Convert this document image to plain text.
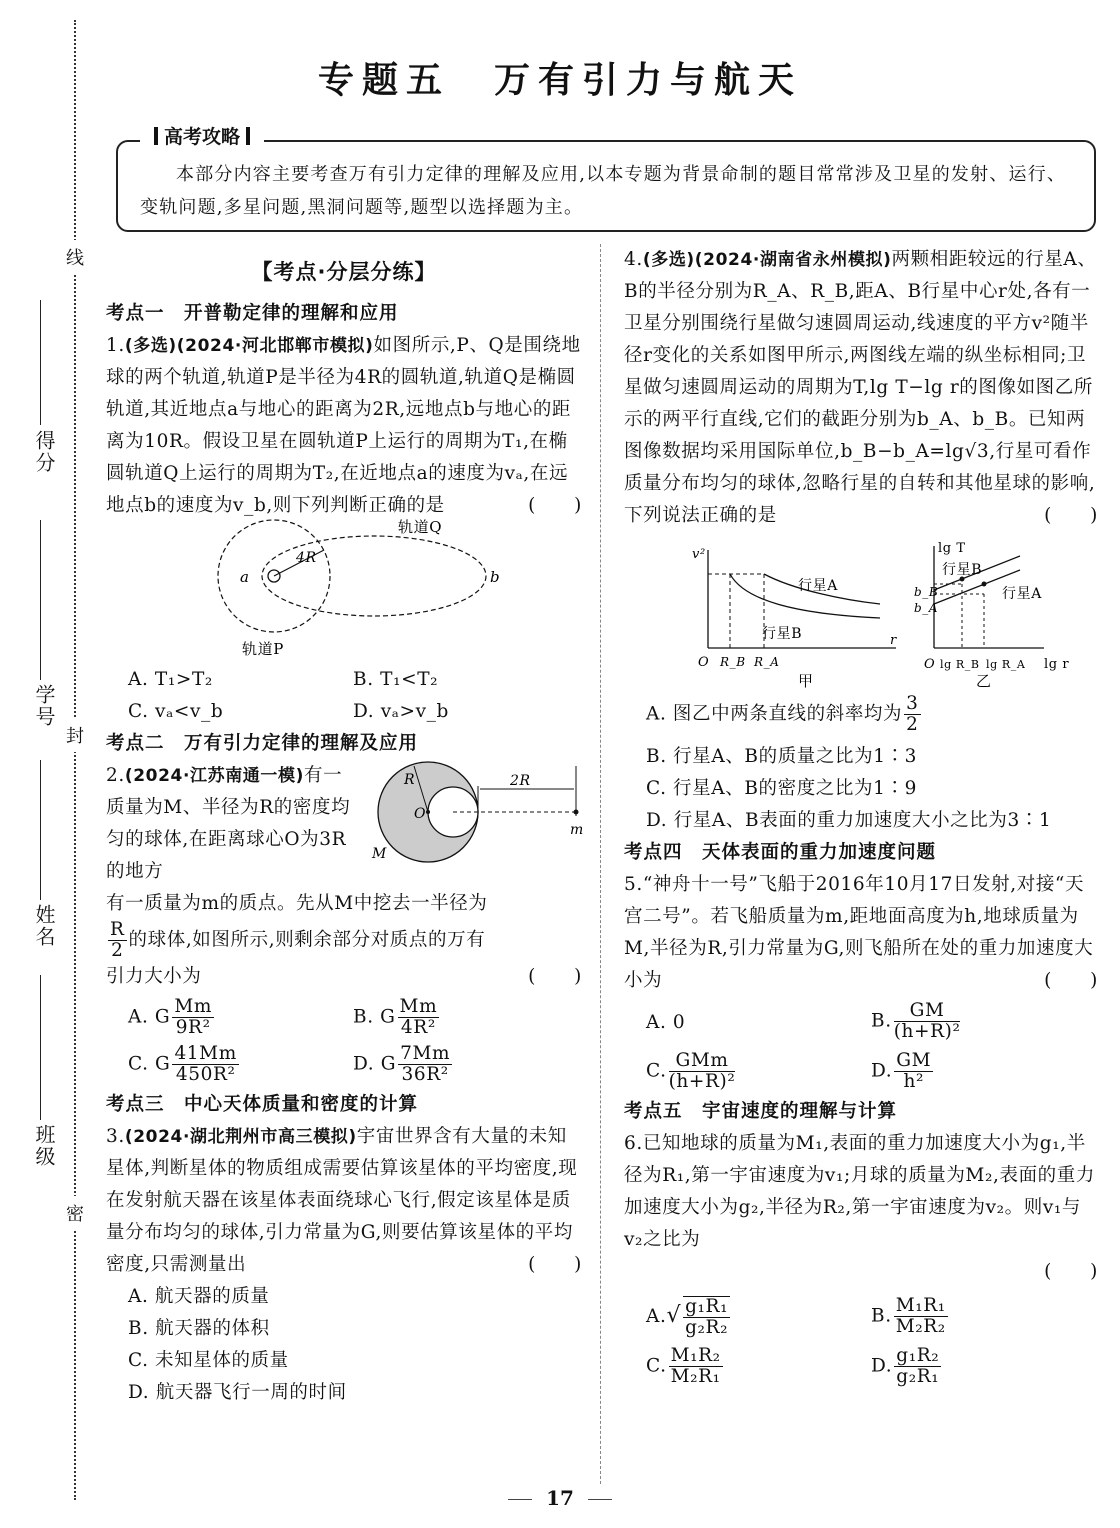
线
封
密
得分
学号
姓名
班级
专题五　万有引力与航天
高考攻略
本部分内容主要考查万有引力定律的理解及应用,以本专题为背景命制的题目常常涉及卫星的发射、运行、变轨问题,多星问题,黑洞问题等,题型以选择题为主。
【考点·分层分练】
考点一　开普勒定律的理解和应用

1.(多选)(2024·河北邯郸市模拟)如图所示,P、Q是围绕地球的两个轨道,轨道P是半径为4R的圆轨道,轨道Q是椭圆轨道,其近地点a与地心的距离为2R,远地点b与地心的距离为10R。假设卫星在圆轨道P上运行的周期为T₁,在椭圆轨道Q上运行的周期为T₂,在近地点a的速度为vₐ,在远地点b的速度为v_b,则下列判断正确的是	(　　)

4R
a	b
轨道Q
轨道P
A. T₁>T₂	B. T₁<T₂
C. vₐ<v_b	D. vₐ>v_b
考点二　万有引力定律的理解及应用
R	2R
O
m
M

2.(2024·江苏南通一模)有一质量为M、半径为R的密度均匀的球体,在距离球心O为3R的地方

有一质量为m的质点。先从M中挖去一半径为

$\frac{R}{2}$ 的球体,如图所示,则剩余部分对质点的万有

引力大小为	(　　)

A. G $\frac{Mm}{\text{9R²}}$	B. G $\frac{Mm}{\text{4R²}}$
C. G $\frac{41Mm}{\text{450R²}}$	D. G $\frac{7Mm}{\text{36R²}}$
考点三　中心天体质量和密度的计算

3.(2024·湖北荆州市高三模拟)宇宙世界含有大量的未知星体,判断星体的物质组成需要估算该星体的平均密度,现在发射航天器在该星体表面绕球心飞行,假定该星体是质量分布均匀的球体,引力常量为G,则要估算该星体的平均密度,只需测量出	(　　)

A. 航天器的质量
B. 航天器的体积
C. 未知星体的质量
D. 航天器飞行一周的时间

4.(多选)(2024·湖南省永州模拟)两颗相距较远的行星A、B的半径分别为R_A、R_B,距A、B行星中心r处,各有一卫星分别围绕行星做匀速圆周运动,线速度的平方v²随半径r变化的关系如图甲所示,两图线左端的纵坐标相同;卫星做匀速圆周运动的周期为T,lg T−lg r的图像如图乙所示的两平行直线,它们的截距分别为b_A、b_B。已知两图像数据均采用国际单位,b_B−b_A=lg√3,行星可看作质量分布均匀的球体,忽略行星的自转和其他星球的影响,下列说法正确的是	(　　)

v²
r
O R_B R_A
行星A
行星B
甲
lg T
lg r
O lg R_B lg R_A
b_B
b_A
行星B
行星A
乙
A. 图乙中两条直线的斜率均为 $\frac{3}{2}$
B. 行星A、B的质量之比为1∶3
C. 行星A、B的密度之比为1∶9
D. 行星A、B表面的重力加速度大小之比为3∶1
考点四　天体表面的重力加速度问题

5.“神舟十一号”飞船于2016年10月17日发射,对接“天宫二号”。若飞船质量为m,距地面高度为h,地球质量为M,半径为R,引力常量为G,则飞船所在处的重力加速度大小为	(　　)

A. 0	B. $\frac{GM}{\text{(h+R)²}}$
C. $\frac{\text{GMm}}{\text{(h+R)²}}$	D. $\frac{GM}{\text{h²}}$
考点五　宇宙速度的理解与计算

6.已知地球的质量为M₁,表面的重力加速度大小为g₁,半径为R₁,第一宇宙速度为v₁;月球的质量为M₂,表面的重力加速度大小为g₂,半径为R₂,第一宇宙速度为v₂。则v₁与v₂之比为

(　　)

$A.√ \frac{\text{g₁R₁}}{\text{g₂R₂}}$	B. $\frac{\text{M₁R₁}}{\text{M₂R₂}}$
C. $\frac{\text{M₁R₂}}{\text{M₂R₁}}$	D. $\frac{\text{g₁R₂}}{\text{g₂R₁}}$
17
